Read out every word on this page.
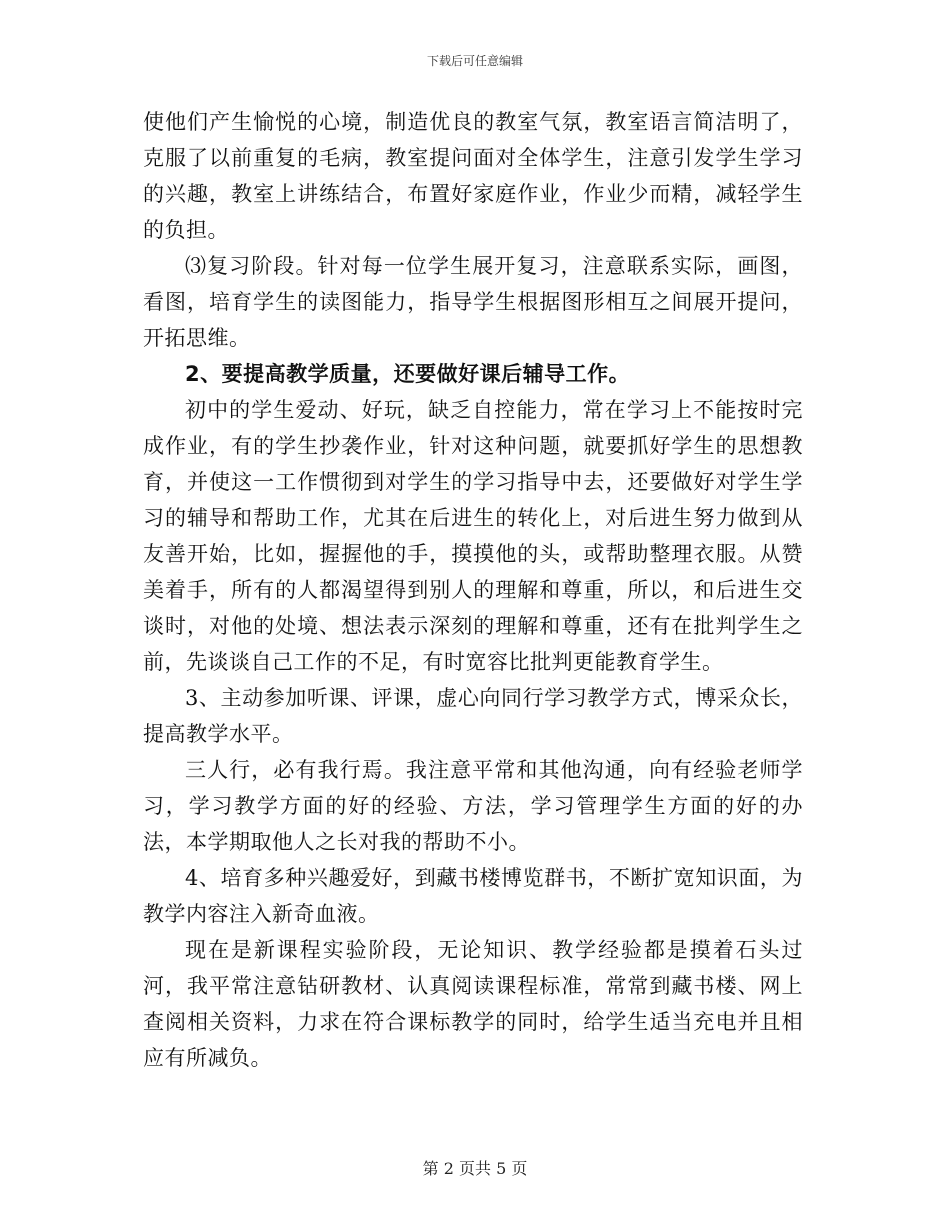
下载后可任意编辑

使他们产生愉悦的心境，制造优良的教室气氛，教室语言简洁明了，克服了以前重复的毛病，教室提问面对全体学生，注意引发学生学习的兴趣，教室上讲练结合，布置好家庭作业，作业少而精，减轻学生的负担。

⑶复习阶段。针对每一位学生展开复习，注意联系实际，画图，看图，培育学生的读图能力，指导学生根据图形相互之间展开提问，开拓思维。

2、要提高教学质量，还要做好课后辅导工作。

初中的学生爱动、好玩，缺乏自控能力，常在学习上不能按时完成作业，有的学生抄袭作业，针对这种问题，就要抓好学生的思想教育，并使这一工作惯彻到对学生的学习指导中去，还要做好对学生学习的辅导和帮助工作，尤其在后进生的转化上，对后进生努力做到从友善开始，比如，握握他的手，摸摸他的头，或帮助整理衣服。从赞美着手，所有的人都渴望得到别人的理解和尊重，所以，和后进生交谈时，对他的处境、想法表示深刻的理解和尊重，还有在批判学生之前，先谈谈自己工作的不足，有时宽容比批判更能教育学生。

3、主动参加听课、评课，虚心向同行学习教学方式，博采众长，提高教学水平。

三人行，必有我行焉。我注意平常和其他沟通，向有经验老师学习，学习教学方面的好的经验、方法，学习管理学生方面的好的办法，本学期取他人之长对我的帮助不小。

4、培育多种兴趣爱好，到藏书楼博览群书，不断扩宽知识面，为教学内容注入新奇血液。

现在是新课程实验阶段，无论知识、教学经验都是摸着石头过河，我平常注意钻研教材、认真阅读课程标准，常常到藏书楼、网上查阅相关资料，力求在符合课标教学的同时，给学生适当充电并且相应有所减负。

第 2 页共 5 页
